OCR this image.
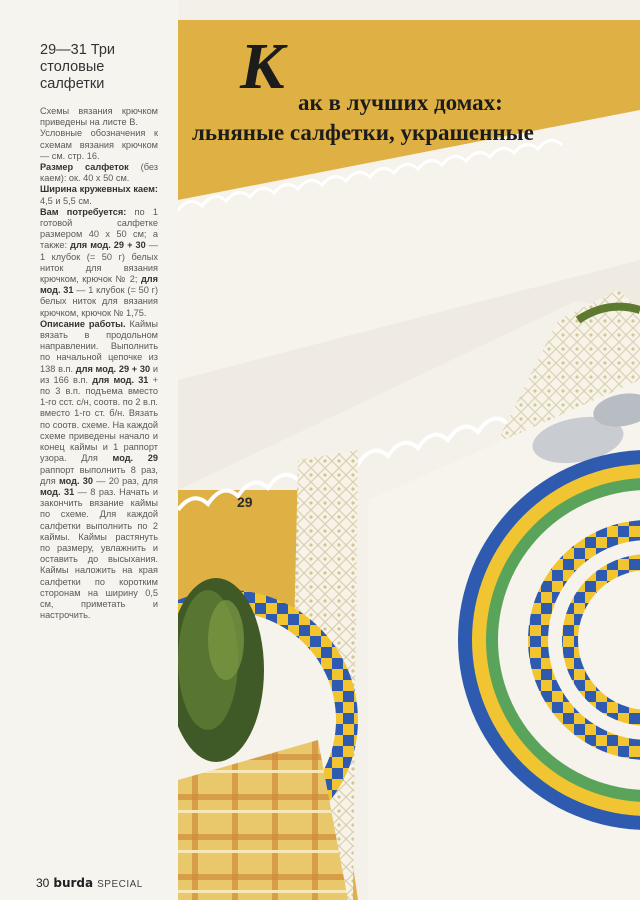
29—31 Три столовые салфетки

Схемы вязания крючком приведены на листе В.

Условные обозначения к схемам вязания крючком — см. стр. 16.

Размер салфеток (без каем): ок. 40 х 50 см.

Ширина кружевных каем: 4,5 и 5,5 см.

Вам потребуется: по 1 готовой салфетке размером 40 х 50 см; а также: для мод. 29 + 30 — 1 клубок (= 50 г) белых ниток для вязания крючком, крючок № 2; для мод. 31 — 1 клубок (= 50 г) белых ниток для вязания крючком, крючок № 1,75.

Описание работы. Каймы вязать в продольном направлении. Выполнить по начальной цепочке из 138 в.п. для мод. 29 + 30 и из 166 в.п. для мод. 31 + по 3 в.п. подъема вместо 1-го сст. с/н, соотв. по 2 в.п. вместо 1-го ст. б/н. Вязать по соотв. схеме. На каждой схеме приведены начало и конец каймы и 1 раппорт узора. Для мод. 29 раппорт выполнить 8 раз, для мод. 30 — 20 раз, для мод. 31 — 8 раз. Начать и закончить вязание каймы по схеме. Для каждой салфетки выполнить по 2 каймы. Каймы растянуть по размеру, увлажнить и оставить до высыхания. Каймы наложить на края салфетки по коротким сторонам на ширину 0,5 см, приметать и настрочить.

30 burda SPECIAL
К ак в лучших домах:
льняные салфетки, украшенные
29
